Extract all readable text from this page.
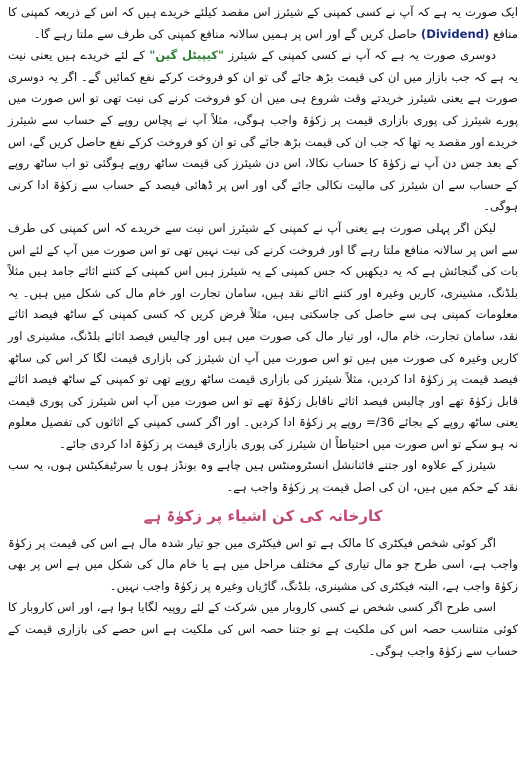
ایک صورت یہ ہے کہ آپ نے کسی کمپنی کے شیئرز اس مقصد کیلئے خریدے ہیں کہ اس کے ذریعہ کمپنی کا منافع (Dividend) حاصل کریں گے اور اس پر ہمیں سالانہ منافع کمپنی کی طرف سے ملتا رہے گا۔

دوسری صورت یہ ہے کہ آپ نے کسی کمپنی کے شیئرز "کیپیٹل گین" کے لئے خریدے ہیں یعنی نیت یہ ہے کہ جب بازار میں ان کی قیمت بڑھ جائے گی تو ان کو فروخت کرکے نفع کمائیں گے۔ اگر یہ دوسری صورت ہے یعنی شیئرز خریدتے وقت شروع ہی میں ان کو فروخت کرنے کی نیت تھی تو اس صورت میں پورے شیئرز کی پوری بازاری قیمت پر زکوٰۃ واجب ہوگی، مثلاً آپ نے پچاس روپے کے حساب سے شیئرز خریدے اور مقصد یہ تھا کہ جب ان کی قیمت بڑھ جائے گی تو ان کو فروخت کرکے نفع حاصل کریں گے، اس کے بعد جس دن آپ نے زکوٰۃ کا حساب نکالا، اس دن شیئرز کی قیمت ساٹھ روپے ہوگئی تو اب ساٹھ روپے کے حساب سے ان شیئرز کی مالیت نکالی جائے گی اور اس پر ڈھائی فیصد کے حساب سے زکوٰۃ ادا کرنی ہوگی۔

لیکن اگر پہلی صورت ہے یعنی آپ نے کمپنی کے شیئرز اس نیت سے خریدے کہ اس کمپنی کی طرف سے اس پر سالانہ منافع ملتا رہے گا اور فروخت کرنے کی نیت نہیں تھی تو اس صورت میں آپ کے لئے اس بات کی گنجائش ہے کہ یہ دیکھیں کہ جس کمپنی کے یہ شیئرز ہیں اس کمپنی کے کتنے اثاثے جامد ہیں مثلاً بلڈنگ، مشینری، کاریں وغیرہ اور کتنے اثاثے نقد ہیں، سامان تجارت اور خام مال کی شکل میں ہیں۔ یہ معلومات کمپنی ہی سے حاصل کی جاسکتی ہیں، مثلاً فرض کریں کہ کسی کمپنی کے ساٹھ فیصد اثاثے نقد، سامان تجارت، خام مال، اور تیار مال کی صورت میں ہیں اور چالیس فیصد اثاثے بلڈنگ، مشینری اور کاریں وغیرہ کی صورت میں ہیں تو اس صورت میں آپ ان شیئرز کی بازاری قیمت لگا کر اس کی ساٹھ فیصد قیمت پر زکوٰۃ ادا کردیں، مثلاً شیئرز کی بازاری قیمت ساٹھ روپے تھی تو کمپنی کے ساٹھ فیصد اثاثے قابل زکوٰۃ تھے اور چالیس فیصد اثاثے ناقابل زکوٰۃ تھے تو اس صورت میں آپ اس شیئرز کی پوری قیمت یعنی ساٹھ روپے کے بجائے 36/= روپے پر زکوٰۃ ادا کردیں۔ اور اگر کسی کمپنی کے اثاثوں کی تفصیل معلوم نہ ہو سکے تو اس صورت میں احتیاطاً ان شیئرز کی پوری بازاری قیمت پر زکوٰۃ ادا کردی جائے۔

شیئرز کے علاوہ اور جتنے فائنانشل انسٹرومنٹس ہیں چاہے وہ بونڈز ہوں یا سرٹیفکیٹس ہوں، یہ سب نقد کے حکم میں ہیں، ان کی اصل قیمت پر زکوٰۃ واجب ہے۔

کارخانہ کی کن اشیاء پر زکوٰۃ ہے

اگر کوئی شخص فیکٹری کا مالک ہے تو اس فیکٹری میں جو تیار شدہ مال ہے اس کی قیمت پر زکوٰۃ واجب ہے، اسی طرح جو مال تیاری کے مختلف مراحل میں ہے یا خام مال کی شکل میں ہے اس پر بھی زکوٰۃ واجب ہے، البتہ فیکٹری کی مشینری، بلڈنگ، گاڑیاں وغیرہ پر زکوٰۃ واجب نہیں۔

اسی طرح اگر کسی شخص نے کسی کاروبار میں شرکت کے لئے روپیہ لگایا ہوا ہے، اور اس کاروبار کا کوئی متناسب حصہ اس کی ملکیت ہے تو جتنا حصہ اس کی ملکیت ہے اس حصے کی بازاری قیمت کے حساب سے زکوٰۃ واجب ہوگی۔
